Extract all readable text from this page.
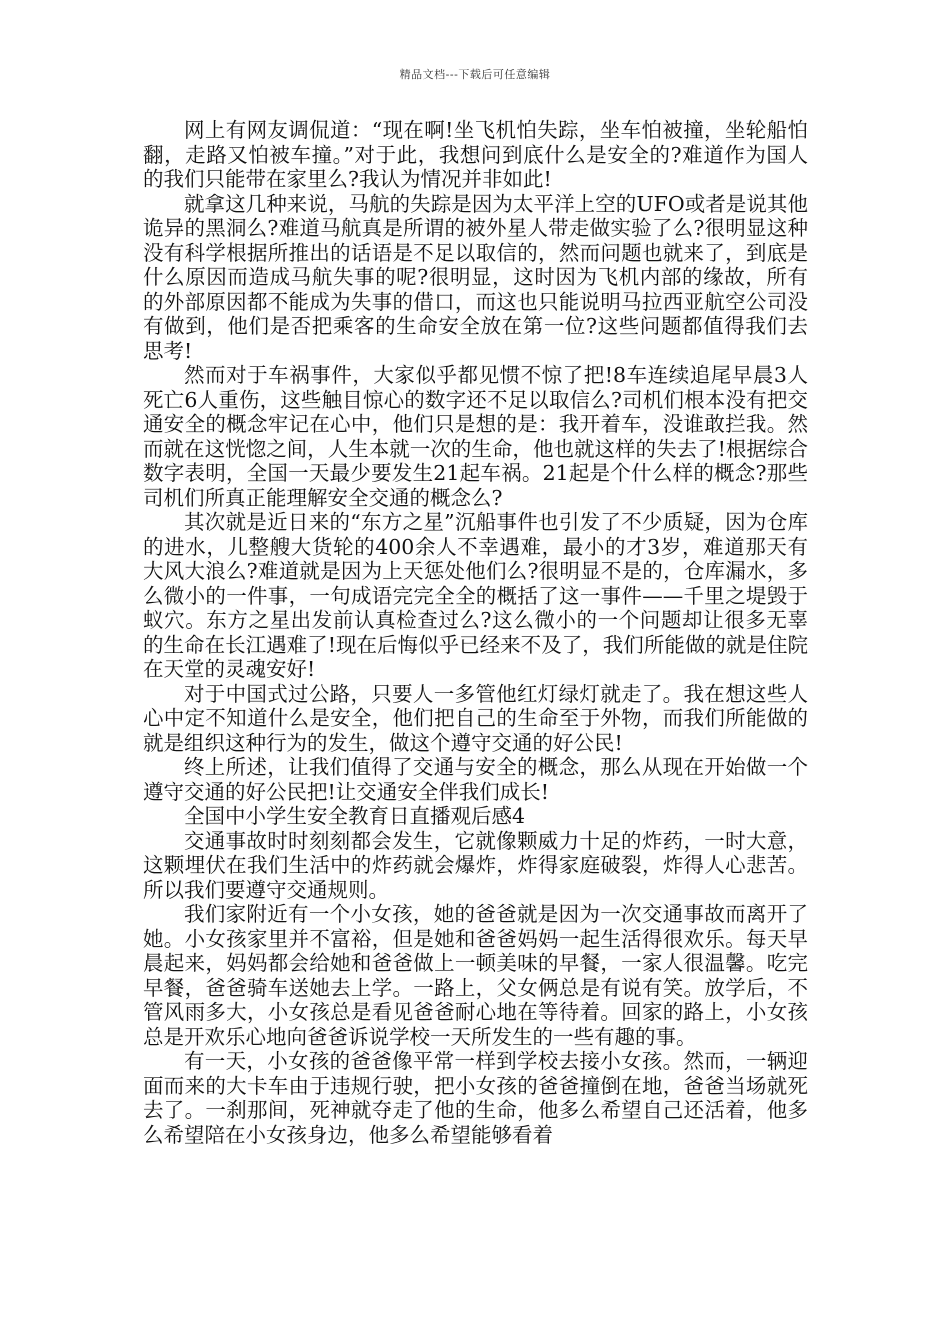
精品文档---下载后可任意编辑

网上有网友调侃道：“现在啊!坐飞机怕失踪，坐车怕被撞，坐轮船怕翻，走路又怕被车撞。”对于此，我想问到底什么是安全的?难道作为国人的我们只能带在家里么?我认为情况并非如此!

就拿这几种来说，马航的失踪是因为太平洋上空的UFO或者是说其他诡异的黑洞么?难道马航真是所谓的被外星人带走做实验了么?很明显这种没有科学根据所推出的话语是不足以取信的，然而问题也就来了，到底是什么原因而造成马航失事的呢?很明显，这时因为飞机内部的缘故，所有的外部原因都不能成为失事的借口，而这也只能说明马拉西亚航空公司没有做到，他们是否把乘客的生命安全放在第一位?这些问题都值得我们去思考!

然而对于车祸事件，大家似乎都见惯不惊了把!8车连续追尾早晨3人死亡6人重伤，这些触目惊心的数字还不足以取信么?司机们根本没有把交通安全的概念牢记在心中，他们只是想的是：我开着车，没谁敢拦我。然而就在这恍惚之间，人生本就一次的生命，他也就这样的失去了!根据综合数字表明，全国一天最少要发生21起车祸。21起是个什么样的概念?那些司机们所真正能理解安全交通的概念么?

其次就是近日来的“东方之星”沉船事件也引发了不少质疑，因为仓库的进水，儿整艘大货轮的400余人不幸遇难，最小的才3岁，难道那天有大风大浪么?难道就是因为上天惩处他们么?很明显不是的，仓库漏水，多么微小的一件事，一句成语完完全全的概括了这一事件——千里之堤毁于蚁穴。东方之星出发前认真检查过么?这么微小的一个问题却让很多无辜的生命在长江遇难了!现在后悔似乎已经来不及了，我们所能做的就是住院在天堂的灵魂安好!

对于中国式过公路，只要人一多管他红灯绿灯就走了。我在想这些人心中定不知道什么是安全，他们把自己的生命至于外物，而我们所能做的就是组织这种行为的发生，做这个遵守交通的好公民!

终上所述，让我们值得了交通与安全的概念，那么从现在开始做一个遵守交通的好公民把!让交通安全伴我们成长!

全国中小学生安全教育日直播观后感4

交通事故时时刻刻都会发生，它就像颗威力十足的炸药，一时大意，这颗埋伏在我们生活中的炸药就会爆炸，炸得家庭破裂，炸得人心悲苦。所以我们要遵守交通规则。

我们家附近有一个小女孩，她的爸爸就是因为一次交通事故而离开了她。小女孩家里并不富裕，但是她和爸爸妈妈一起生活得很欢乐。每天早晨起来，妈妈都会给她和爸爸做上一顿美味的早餐，一家人很温馨。吃完早餐，爸爸骑车送她去上学。一路上，父女俩总是有说有笑。放学后，不管风雨多大，小女孩总是看见爸爸耐心地在等待着。回家的路上，小女孩总是开欢乐心地向爸爸诉说学校一天所发生的一些有趣的事。

有一天，小女孩的爸爸像平常一样到学校去接小女孩。然而，一辆迎面而来的大卡车由于违规行驶，把小女孩的爸爸撞倒在地，爸爸当场就死去了。一刹那间，死神就夺走了他的生命，他多么希望自己还活着，他多么希望陪在小女孩身边，他多么希望能够看着
